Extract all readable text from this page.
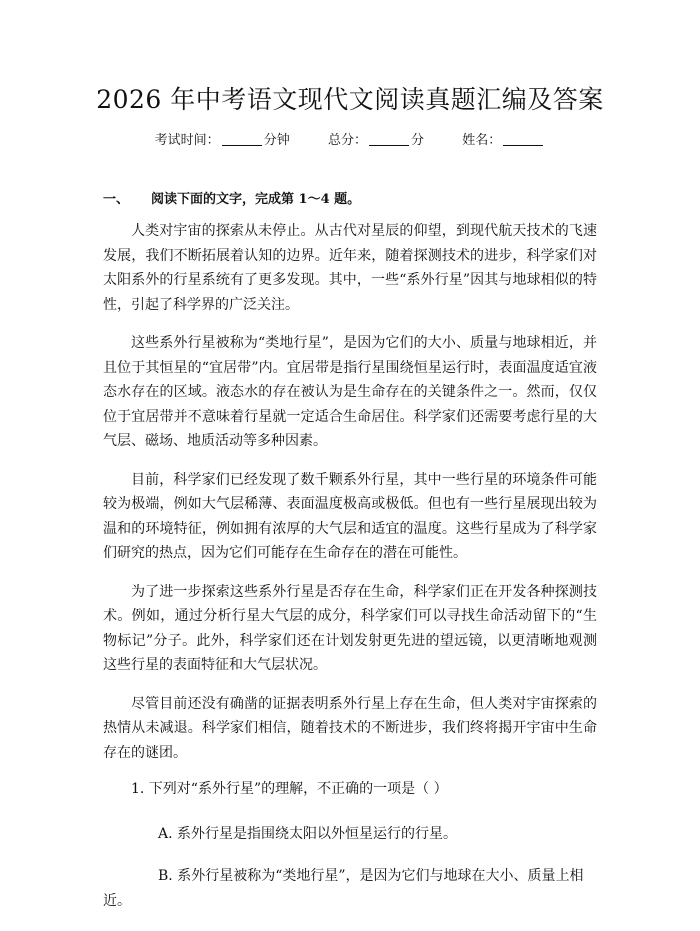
2026 年中考语文现代文阅读真题汇编及答案
考试时间：	分钟	总分：	分	姓名：
一、 阅读下面的文字，完成第 1～4 题。

人类对宇宙的探索从未停止。从古代对星辰的仰望，到现代航天技术的飞速发展，我们不断拓展着认知的边界。近年来，随着探测技术的进步，科学家们对太阳系外的行星系统有了更多发现。其中，一些“系外行星”因其与地球相似的特性，引起了科学界的广泛关注。

这些系外行星被称为“类地行星”，是因为它们的大小、质量与地球相近，并且位于其恒星的“宜居带”内。宜居带是指行星围绕恒星运行时，表面温度适宜液态水存在的区域。液态水的存在被认为是生命存在的关键条件之一。然而，仅仅位于宜居带并不意味着行星就一定适合生命居住。科学家们还需要考虑行星的大气层、磁场、地质活动等多种因素。

目前，科学家们已经发现了数千颗系外行星，其中一些行星的环境条件可能较为极端，例如大气层稀薄、表面温度极高或极低。但也有一些行星展现出较为温和的环境特征，例如拥有浓厚的大气层和适宜的温度。这些行星成为了科学家们研究的热点，因为它们可能存在生命存在的潜在可能性。

为了进一步探索这些系外行星是否存在生命，科学家们正在开发各种探测技术。例如，通过分析行星大气层的成分，科学家们可以寻找生命活动留下的“生物标记”分子。此外，科学家们还在计划发射更先进的望远镜，以更清晰地观测这些行星的表面特征和大气层状况。

尽管目前还没有确凿的证据表明系外行星上存在生命，但人类对宇宙探索的热情从未减退。科学家们相信，随着技术的不断进步，我们终将揭开宇宙中生命存在的谜团。

1. 下列对“系外行星”的理解，不正确的一项是（ ）
A. 系外行星是指围绕太阳以外恒星运行的行星。
B. 系外行星被称为“类地行星”，是因为它们与地球在大小、质量上相近。
